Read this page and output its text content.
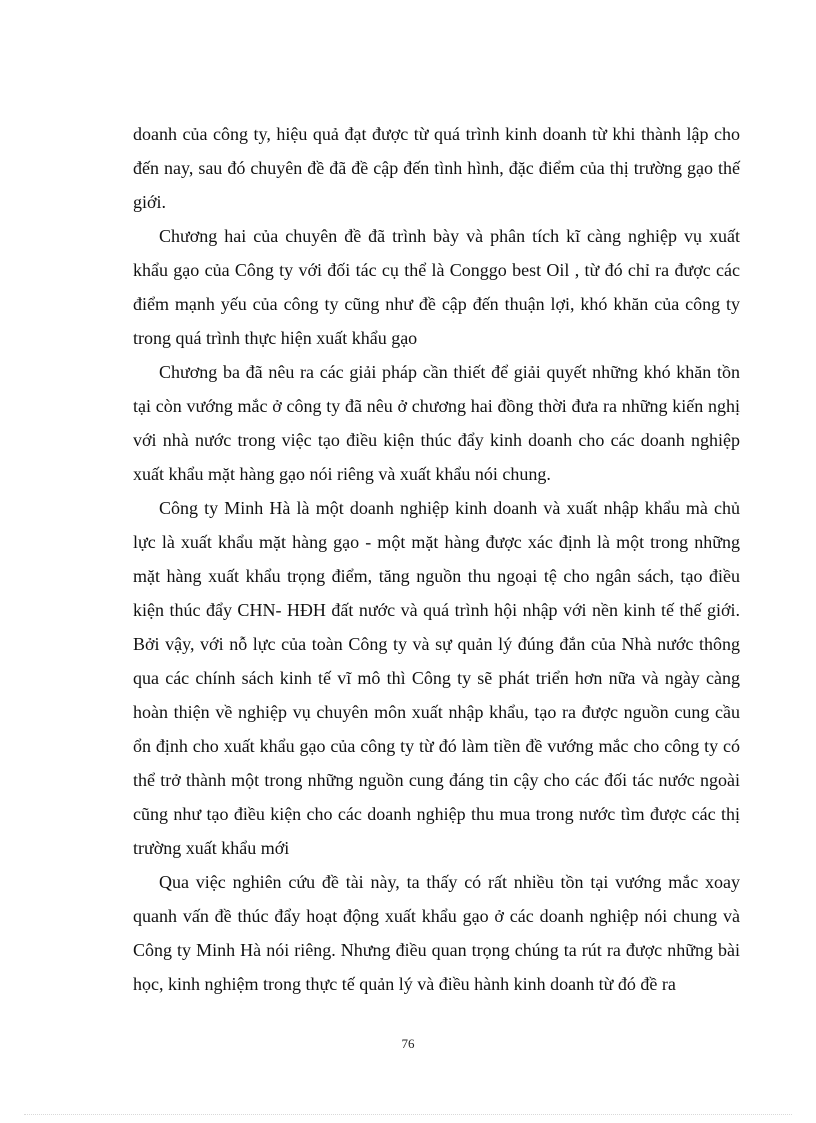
doanh của công ty, hiệu quả đạt được từ quá trình kinh doanh từ khi thành lập cho đến nay, sau đó chuyên đề đã đề cập đến tình hình, đặc điểm của thị trường gạo thế giới.

Chương hai của chuyên đề đã trình bày và phân tích kĩ càng nghiệp vụ xuất khẩu gạo của Công ty với đối tác cụ thể là Conggo best Oil , từ đó chỉ ra được các điểm mạnh yếu của công ty cũng như đề cập đến thuận lợi, khó khăn của công ty trong quá trình thực hiện xuất khẩu gạo

Chương ba đã nêu ra các giải pháp cần thiết để giải quyết những khó khăn tồn tại còn vướng mắc ở công ty đã nêu ở chương hai đồng thời đưa ra những kiến nghị với nhà nước trong việc tạo điều kiện thúc đẩy kinh doanh cho các doanh nghiệp xuất khẩu mặt hàng gạo nói riêng và xuất khẩu nói chung.

Công ty Minh Hà là một doanh nghiệp kinh doanh và xuất nhập khẩu mà chủ lực là xuất khẩu mặt hàng gạo - một mặt hàng được xác định là một trong những mặt hàng xuất khẩu trọng điểm, tăng nguồn thu ngoại tệ cho ngân sách, tạo điều kiện thúc đẩy CHN- HĐH đất nước và quá trình hội nhập với nền kinh tế thế giới. Bởi vậy, với nỗ lực của toàn Công ty và sự quản lý đúng đắn của Nhà nước thông qua các chính sách kinh tế vĩ mô thì Công ty sẽ phát triển hơn nữa và ngày càng hoàn thiện về nghiệp vụ chuyên môn xuất nhập khẩu, tạo ra được nguồn cung cầu ổn định cho xuất khẩu gạo của công ty từ đó làm tiền đề vướng mắc cho công ty có thể trở thành một trong những nguồn cung đáng tin cậy cho các đối tác nước ngoài cũng như tạo điều kiện cho các doanh nghiệp thu mua trong nước tìm được các thị trường xuất khẩu mới

Qua việc nghiên cứu đề tài này, ta thấy có rất nhiều tồn tại vướng mắc xoay quanh vấn đề thúc đẩy hoạt động xuất khẩu gạo ở các doanh nghiệp nói chung và Công ty Minh Hà nói riêng. Nhưng điều quan trọng chúng ta rút ra được những bài học, kinh nghiệm trong thực tế quản lý và điều hành kinh doanh từ đó đề ra

76
